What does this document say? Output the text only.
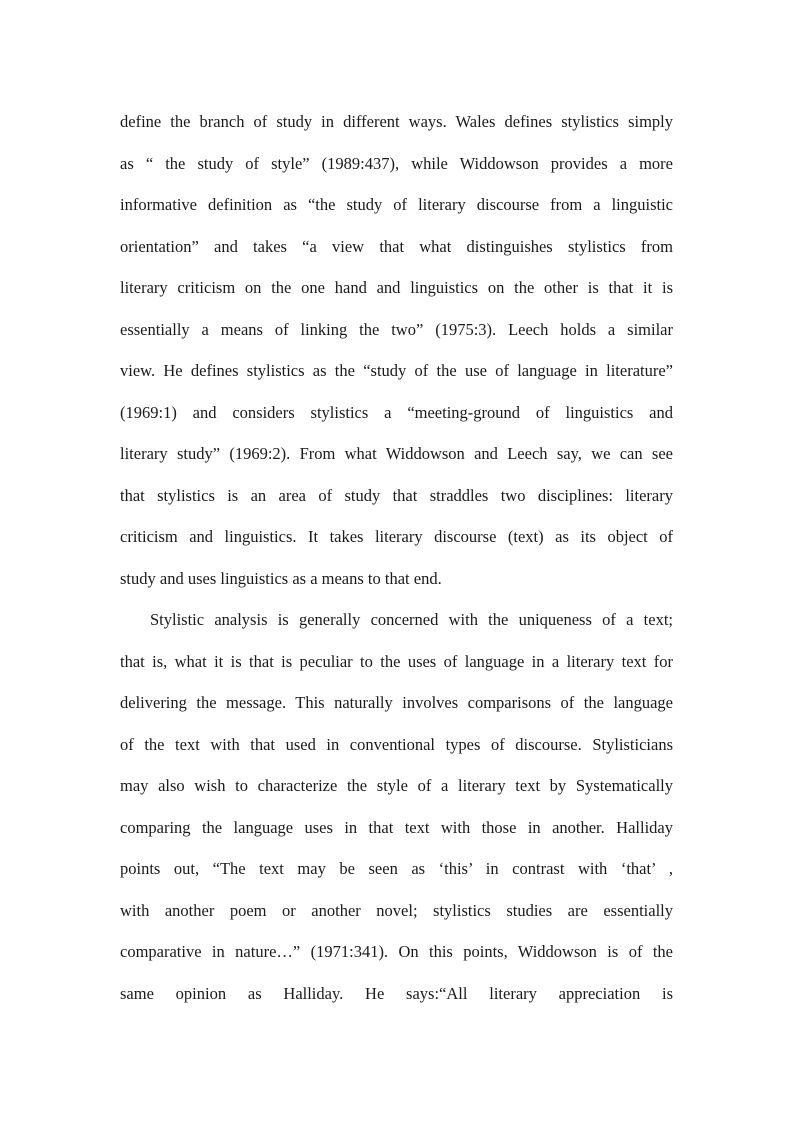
define the branch of study in different ways. Wales defines stylistics simply
as “ the study of style” (1989:437), while Widdowson provides a more
informative definition as “the study of literary discourse from a linguistic
orientation” and takes “a view that what distinguishes stylistics from
literary criticism on the one hand and linguistics on the other is that it is
essentially a means of linking the two” (1975:3). Leech holds a similar
view. He defines stylistics as the “study of the use of language in literature”
(1969:1) and considers stylistics a “meeting-ground of linguistics and
literary study” (1969:2). From what Widdowson and Leech say, we can see
that stylistics is an area of study that straddles two disciplines: literary
criticism and linguistics. It takes literary discourse (text) as its object of
study and uses linguistics as a means to that end.
Stylistic analysis is generally concerned with the uniqueness of a text;
that is, what it is that is peculiar to the uses of language in a literary text for
delivering the message. This naturally involves comparisons of the language
of the text with that used in conventional types of discourse. Stylisticians
may also wish to characterize the style of a literary text by Systematically
comparing the language uses in that text with those in another. Halliday
points out, “The text may be seen as ‘this’ in contrast with ‘that’ ,
with another poem or another novel; stylistics studies are essentially
comparative in nature…” (1971:341). On this points, Widdowson is of the
same opinion as Halliday. He says:“All literary appreciation is
